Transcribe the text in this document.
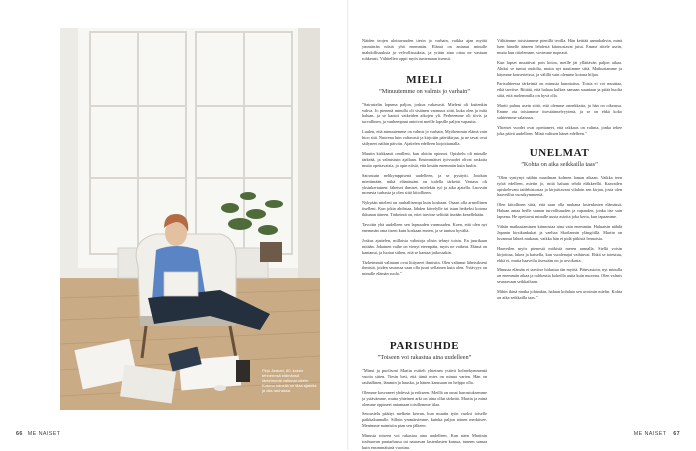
Pirjo Jaskari, 60, kokee tehneensä elämänsä tärkeimmät valinnat oikein. Kotona hänellä on tilaa ajatella ja olla rauhassa.
66 ME NAISET

Näiden teojen ulottuvuuden tiesin jo varhain, vaikka ajan myötä ymmärrän niistä yhä enemmän. Elämä on antanut minulle mahdollisuuksia ja velvollisuuksia, ja yritän aina ottaa ne vastaan rohkeasti. Vähitellen oppii myös tuntemaan itsensä.

MIELI
”Minuutemme on valmis jo varhain”

”Sairastelin lapsena paljon, joskus vakavasti. Mieleni oli kuitenkin vahva. Jo pienenä minulla oli sisäinen varmuus siitä, kuka olen ja mitä haluan, ja se kantoi vaikeiden aikojen yli. Perheemme oli tiivis ja turvallinen, ja vanhempani antoivat meille lapsille paljon vapautta.

Luulen, että minuutemme on valmis jo varhain. Myöhemmin elämä vain hioo sitä. Nuorena luin valtavasti ja kirjoitin päiväkirjaa, ja ne tavat ovat säilyneet näihin päiviin. Ajattelen edelleen kirjoittamalla.

Muutin kirkkaasti omilleni, kun aloitin opinnot. Opiskelu oli minulle tärkeää, ja valmistuin ajallaan. Ensimmäiset työvuodet olivat raskaita mutta opettavaisia, ja opin niistä, että kestän enemmän kuin luulin.

Sairastuin nelikymppisenä uudelleen, ja se pysäytti. Jouduin miettimään, mikä elämässäni on todella tärkeää. Vastaus oli yksinkertainen: läheiset ihmiset, mielekäs työ ja aika ajatella. Luovuin monesta turhasta ja olen siitä kiitollinen.

Nykyään mieleni on rauhallisempi kuin koskaan. Osaan olla armollinen itselleni. Kun jokin ahdistaa, lähden kävelylle tai istun hetkeksi kotona ikkunan ääreen. Tärkeintä on, ettei tarvitse selittää itseään kenellekään.

Tavoitin yhä uudelleen sen lapsuuden varmuuden. Koen, että olen nyt enemmän oma itseni kuin koskaan ennen, ja se tuntuu hyvältä.

Joskus ajattelen, millaisia valintoja olisin tehnyt toisin. En juurikaan mitään. Jokainen vaihe on vienyt eteenpäin, myös ne vaikeat. Elämä on kantanut, ja luotan siihen, että se kantaa jatkossakin.

Tärkeimmät valintani ovat liittyneet ihmisiin. Olen valinnut läheisikseni ihmisiä, joiden seurassa saan olla juuri sellainen kuin olen. Ystävyys on minulle elämän suola.”

Välitämme toisistamme pienillä teoilla. Hän keittää aamukahvin, minä luen hänelle ääneen lehdestä kiinnostavat jutut. Emme riitele usein, mutta kun riitelemme, sovimme nopeasti.

Kun lapset muuttivat pois kotoa, meille jäi yllättävän paljon aikaa. Aluksi se tuntui oudolta, mutta nyt nautimme siitä. Matkustamme ja käymme konserteissa, ja välillä vain olemme kotona hiljaa.

Parisuhteessa tärkeintä on minusta kunnioitus. Toista ei voi muuttaa, eikä tarvitse. Riittää, että haluaa kulkea samaan suuntaan ja pitää huolta siitä, että molemmilla on hyvä olla.

Martti puhuu usein siitä, että olemme onnekkaita, ja hän on oikeassa. Emme ota toisiamme itsestäänselvyytenä, ja se on ehkä koko suhteemme salaisuus.

Yhteiset vuodet ovat opettaneet, että rakkaus on valinta, jonka tekee joka päivä uudelleen. Minä valitsen hänet edelleen.”

UNELMAT
”Kohta on aika seikkailla taas”

”Olen syntynyt näihin maailman kolmen laman aikaan. Vaikka teen työtä edelleen, mietin jo, mitä haluan tehdä eläkkeellä. Kaavailen opiskelevani taidehistoriaa ja kirjoittavani vihdoin sen kirjan, josta olen haaveillut vuosikymmeniä.

Olen kiitollinen siitä, että saan olla mukana lastenlasten elämässä. Haluan antaa heille saman turvallisuuden ja vapauden, jonka itse sain lapsena. He opettavat minulle uusia asioita joka kerta, kun tapaamme.

Vähän matkustaminen kiinnostaa aina vain enemmän. Haluaisin nähdä Japanin kirsikankukat ja vaeltaa Skotlannin ylängöillä. Martin on luvannut lähteä mukaan, vaikka hän ei pidä pitkistä lennoista.

Haaveilen myös pienestä mökistä meren rannalla. Siellä voisin kirjoittaa, lukea ja katsella, kun vuodenajat vaihtuvat. Ehkä se toteutuu, ehkä ei, mutta haaveilu itsessään on jo arvokasta.

Minusta elämän ei tarvitse hidastua iän myötä. Päinvastoin, nyt minulla on enemmän aikaa ja rohkeutta kokeilla uutta kuin nuorena. Olen valmis seuraavaan seikkailuun.

Mihin ikinä matka johtaakin, haluan kohdata sen avoimin mielin. Kohta on aika seikkailla taas.”

PARISUHDE
”Toiseen voi rakastua aina uudelleen”

”Minut ja puolisoni Martin esitteli yhteinen ystävä kolmekymmentä vuotta sitten. Tiesin heti, että tämä mies on minua varten. Hän on rauhallinen, lämmin ja hauska, ja hänen kanssaan on helppo olla.

Olemme kasvaneet yhdessä ja erikseen. Meillä on omat harrastuksemme ja ystävämme, mutta yhteinen arki on aina ollut tärkeää. Martin ja minä olemme oppineet antamaan toisillemme tilaa.

Seurustelu päättyi melkein kerran, kun muutin työn vuoksi toiselle paikkakunnalle. Silloin ymmärsimme, kuinka paljon toinen merkitsee. Menimme naimisiin pian sen jälkeen.

Minusta toiseen voi rakastua aina uudelleen. Kun näen Martinin touhuavan puutarhassa tai nauravan lastenlasten kanssa, tunnen samaa kuin ensimmäisinä vuosina.

ME NAISET 67
